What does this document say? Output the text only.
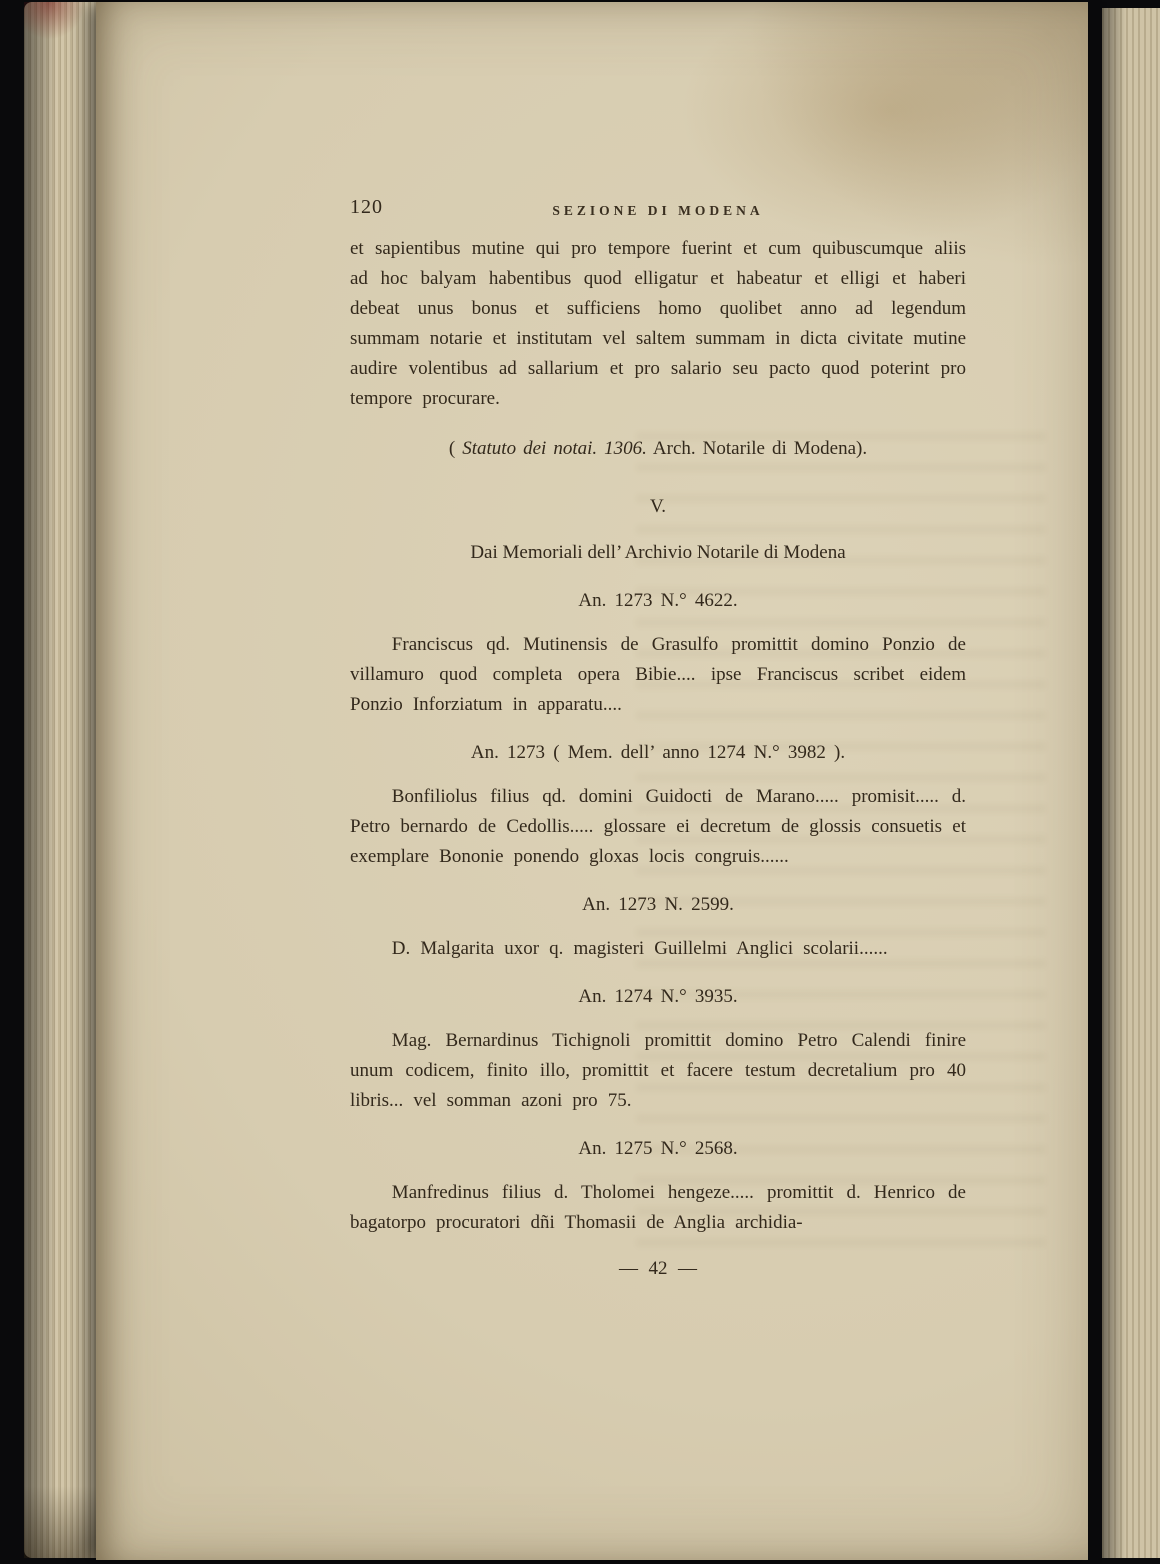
120	SEZIONE DI MODENA

et sapientibus mutine qui pro tempore fuerint et cum quibuscumque aliis ad hoc balyam habentibus quod elligatur et habeatur et elligi et haberi debeat unus bonus et sufficiens homo quolibet anno ad legendum summam notarie et institutam vel saltem summam in dicta civitate mutine audire volentibus ad sallarium et pro salario seu pacto quod poterint pro tempore procurare.

( Statuto dei notai. 1306. Arch. Notarile di Modena).

V.
Dai Memoriali dell’ Archivio Notarile di Modena
An. 1273 N.° 4622.

Franciscus qd. Mutinensis de Grasulfo promittit domino Ponzio de villamuro quod completa opera Bibie.... ipse Franciscus scribet eidem Ponzio Inforziatum in apparatu....

An. 1273 ( Mem. dell’ anno 1274 N.° 3982 ).

Bonfiliolus filius qd. domini Guidocti de Marano..... promisit..... d. Petro bernardo de Cedollis..... glossare ei decretum de glossis consuetis et exemplare Bononie ponendo gloxas locis congruis......

An. 1273 N. 2599.

D. Malgarita uxor q. magisteri Guillelmi Anglici scolarii......

An. 1274 N.° 3935.

Mag. Bernardinus Tichignoli promittit domino Petro Calendi finire unum codicem, finito illo, promittit et facere testum decretalium pro 40 libris... vel somman azoni pro 75.

An. 1275 N.° 2568.

Manfredinus filius d. Tholomei hengeze..... promittit d. Henrico de bagatorpo procuratori dñi Thomasii de Anglia archidia-

— 42 —
